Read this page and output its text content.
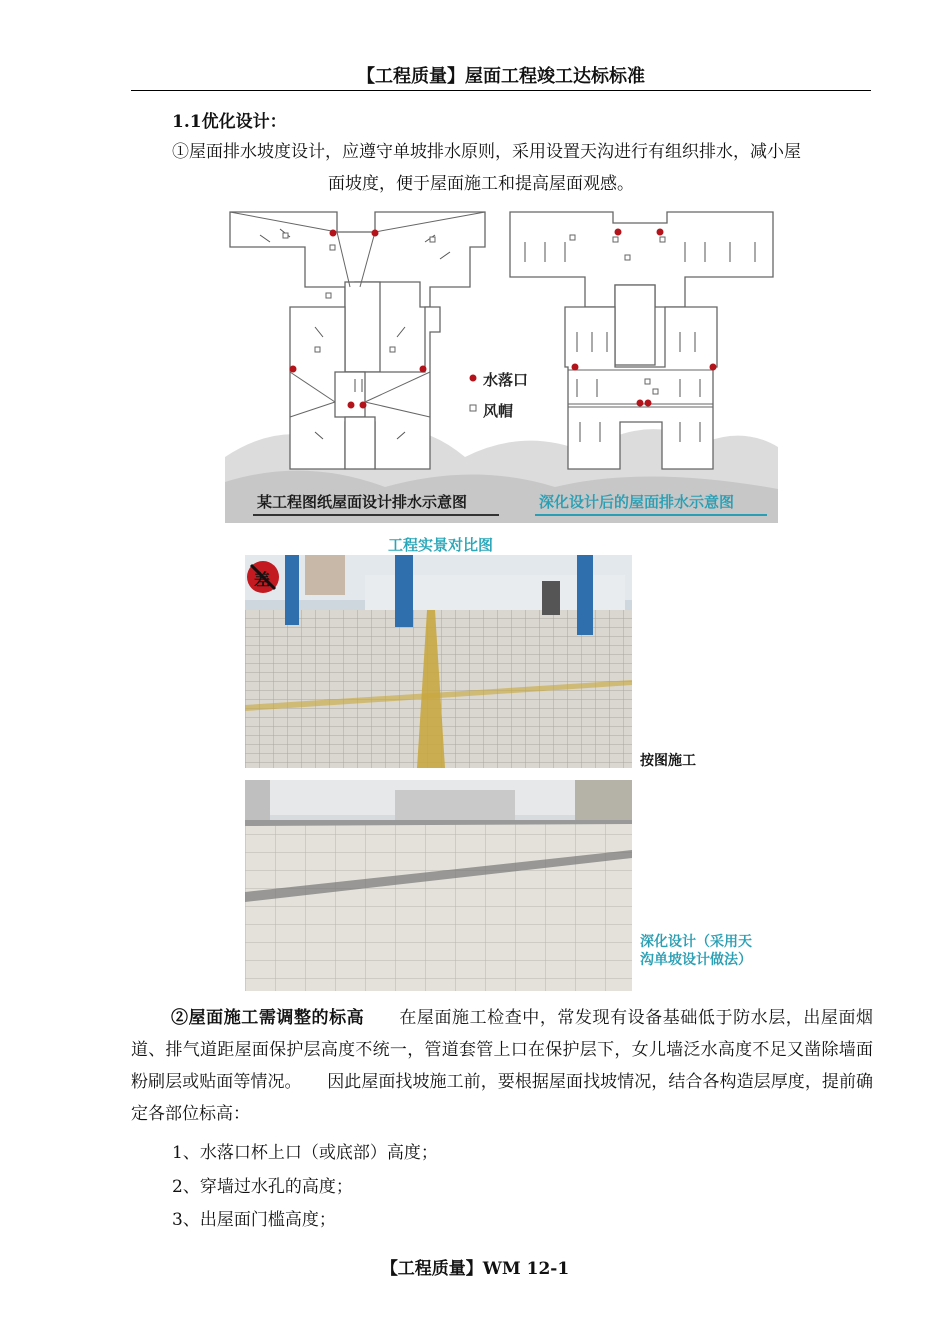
【工程质量】屋面工程竣工达标标准
1.1优化设计：
①屋面排水坡度设计，应遵守单坡排水原则，采用设置天沟进行有组织排水，减小屋
面坡度，便于屋面施工和提高屋面观感。
水落口
风帽
某工程图纸屋面设计排水示意图	深化设计后的屋面排水示意图
工程实景对比图
差
按图施工
深化设计（采用天沟单坡设计做法）
②屋面施工需调整的标高　　在屋面施工检查中，常发现有设备基础低于防水层，出屋面烟道、排气道距屋面保护层高度不统一，管道套管上口在保护层下，女儿墙泛水高度不足又凿除墙面粉刷层或贴面等情况。　　因此屋面找坡施工前，要根据屋面找坡情况，结合各构造层厚度，提前确定各部位标高：
1、水落口杯上口（或底部）高度；
2、穿墙过水孔的高度；
3、出屋面门槛高度；
【工程质量】WM 12-1
